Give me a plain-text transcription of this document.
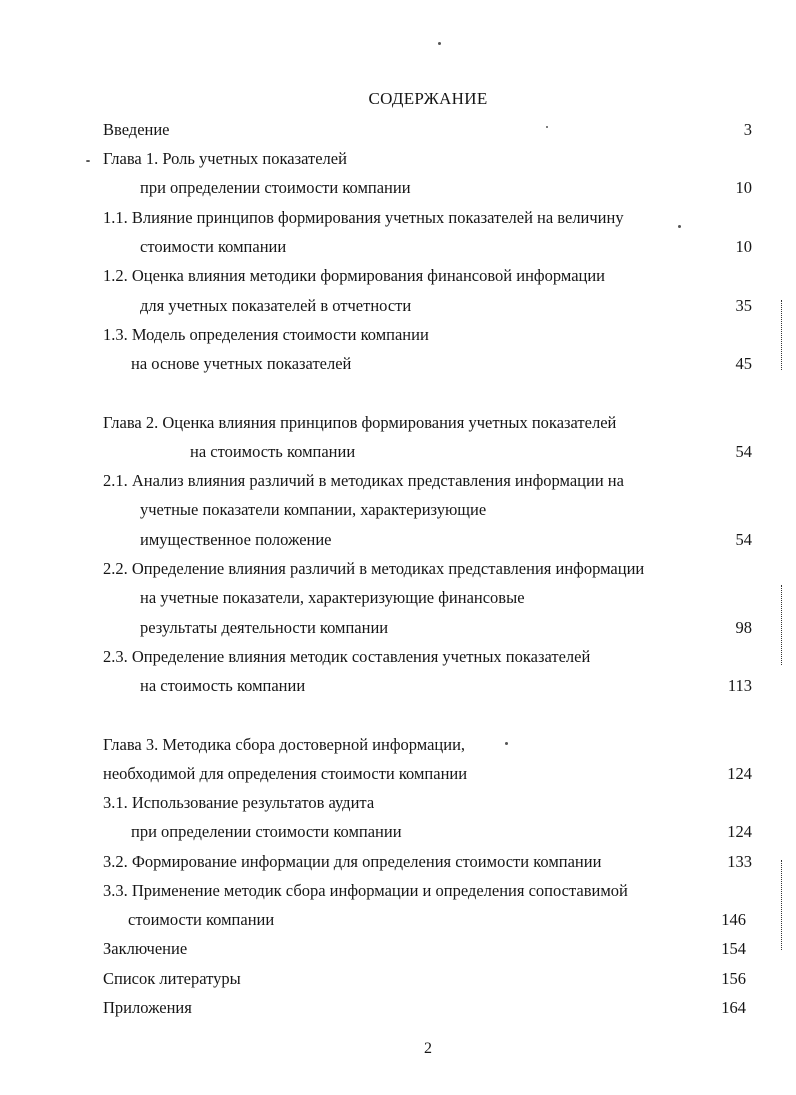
СОДЕРЖАНИЕ
Введение	3
Глава 1. Роль учетных показателей
при определении стоимости компании	10
1.1. Влияние принципов формирования учетных показателей на величину
стоимости компании	10
1.2. Оценка влияния методики формирования финансовой информации
для учетных показателей в отчетности	35
1.3. Модель определения стоимости компании
на основе учетных показателей	45
Глава 2. Оценка влияния принципов формирования учетных показателей
на стоимость компании	54
2.1. Анализ влияния различий в методиках представления информации на
учетные показатели компании, характеризующие
имущественное положение	54
2.2. Определение влияния различий в методиках представления информации
на учетные показатели, характеризующие финансовые
результаты деятельности компании	98
2.3. Определение влияния методик составления учетных показателей
на стоимость компании	113
Глава 3. Методика сбора достоверной информации,
необходимой для определения стоимости компании	124
3.1. Использование результатов аудита
при определении стоимости компании	124
3.2. Формирование информации для определения стоимости компании	133
3.3. Применение методик сбора информации и определения сопоставимой
стоимости компании	146
Заключение	154
Список литературы	156
Приложения	164
2
